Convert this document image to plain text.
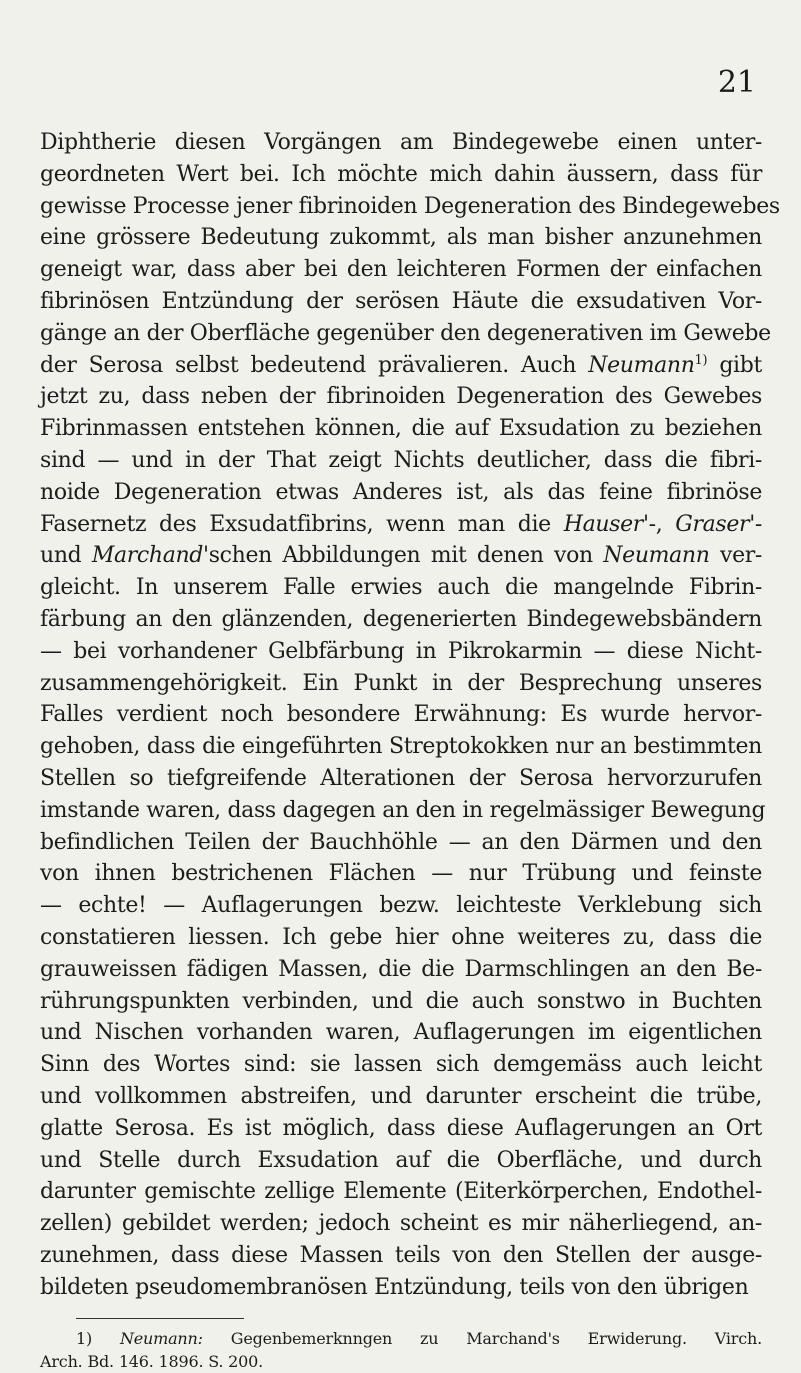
21
Diphtherie diesen Vorgängen am Bindegewebe einen unter-
geordneten Wert bei. Ich möchte mich dahin äussern, dass für
gewisse Processe jener fibrinoiden Degeneration des Bindegewebes
eine grössere Bedeutung zukommt, als man bisher anzunehmen
geneigt war, dass aber bei den leichteren Formen der einfachen
fibrinösen Entzündung der serösen Häute die exsudativen Vor-
gänge an der Oberfläche gegenüber den degenerativen im Gewebe
der Serosa selbst bedeutend prävalieren. Auch Neumann$^{1)}$ gibt
jetzt zu, dass neben der fibrinoiden Degeneration des Gewebes
Fibrinmassen entstehen können, die auf Exsudation zu beziehen
sind — und in der That zeigt Nichts deutlicher, dass die fibri-
noide Degeneration etwas Anderes ist, als das feine fibrinöse
Fasernetz des Exsudatfibrins, wenn man die Hauser'-, Graser'-
und Marchand'schen Abbildungen mit denen von Neumann ver-
gleicht. In unserem Falle erwies auch die mangelnde Fibrin-
färbung an den glänzenden, degenerierten Bindegewebsbändern
— bei vorhandener Gelbfärbung in Pikrokarmin — diese Nicht-
zusammengehörigkeit. Ein Punkt in der Besprechung unseres
Falles verdient noch besondere Erwähnung: Es wurde hervor-
gehoben, dass die eingeführten Streptokokken nur an bestimmten
Stellen so tiefgreifende Alterationen der Serosa hervorzurufen
imstande waren, dass dagegen an den in regelmässiger Bewegung
befindlichen Teilen der Bauchhöhle — an den Därmen und den
von ihnen bestrichenen Flächen — nur Trübung und feinste
— echte! — Auflagerungen bezw. leichteste Verklebung sich
constatieren liessen. Ich gebe hier ohne weiteres zu, dass die
grauweissen fädigen Massen, die die Darmschlingen an den Be-
rührungspunkten verbinden, und die auch sonstwo in Buchten
und Nischen vorhanden waren, Auflagerungen im eigentlichen
Sinn des Wortes sind: sie lassen sich demgemäss auch leicht
und vollkommen abstreifen, und darunter erscheint die trübe,
glatte Serosa. Es ist möglich, dass diese Auflagerungen an Ort
und Stelle durch Exsudation auf die Oberfläche, und durch
darunter gemischte zellige Elemente (Eiterkörperchen, Endothel-
zellen) gebildet werden; jedoch scheint es mir näherliegend, an-
zunehmen, dass diese Massen teils von den Stellen der ausge-
bildeten pseudomembranösen Entzündung, teils von den übrigen
1) Neumann: Gegenbemerknngen zu Marchand's Erwiderung. Virch.
Arch. Bd. 146. 1896. S. 200.
